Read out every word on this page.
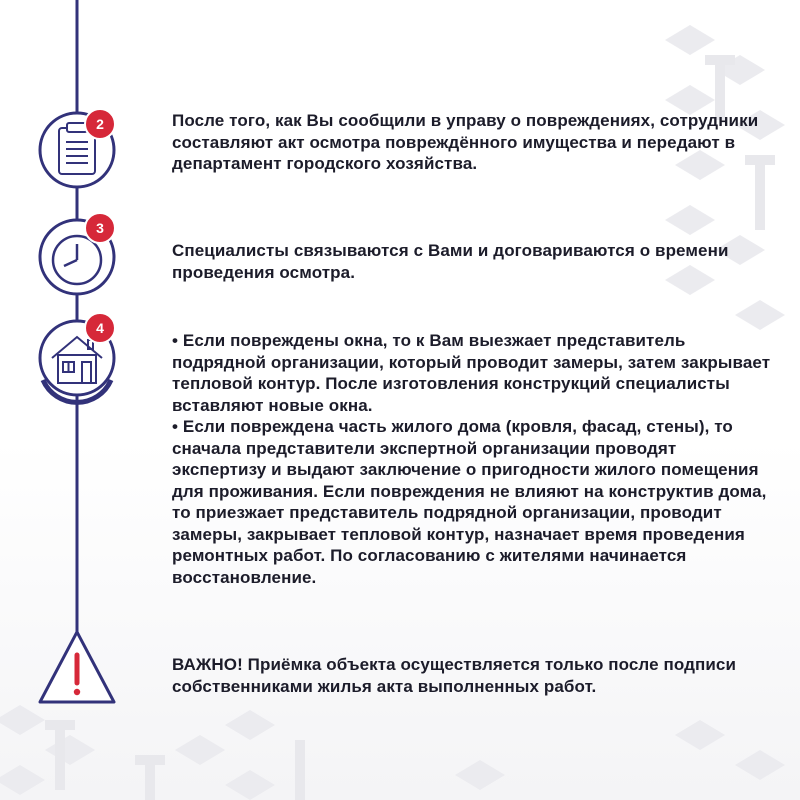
2
3
4

После того, как Вы сообщили в управу о повреждениях, сотрудники составляют акт осмотра повреждённого имущества и передают в департамент городского хозяйства.

Специалисты связываются с Вами и договариваются о времени проведения осмотра.

• Если повреждены окна, то к Вам выезжает представитель подрядной организации, который проводит замеры, затем закрывает тепловой контур. После изготовления конструкций специалисты вставляют новые окна.
• Если повреждена часть жилого дома (кровля, фасад, стены), то сначала представители экспертной организации проводят экспертизу и выдают заключение о пригодности жилого помещения для проживания. Если повреждения не влияют на конструктив дома, то приезжает представитель подрядной организации, проводит замеры, закрывает тепловой контур, назначает время проведения ремонтных работ. По согласованию с жителями начинается восстановление.

ВАЖНО! Приёмка объекта осуществляется только после подписи собственниками жилья акта выполненных работ.
